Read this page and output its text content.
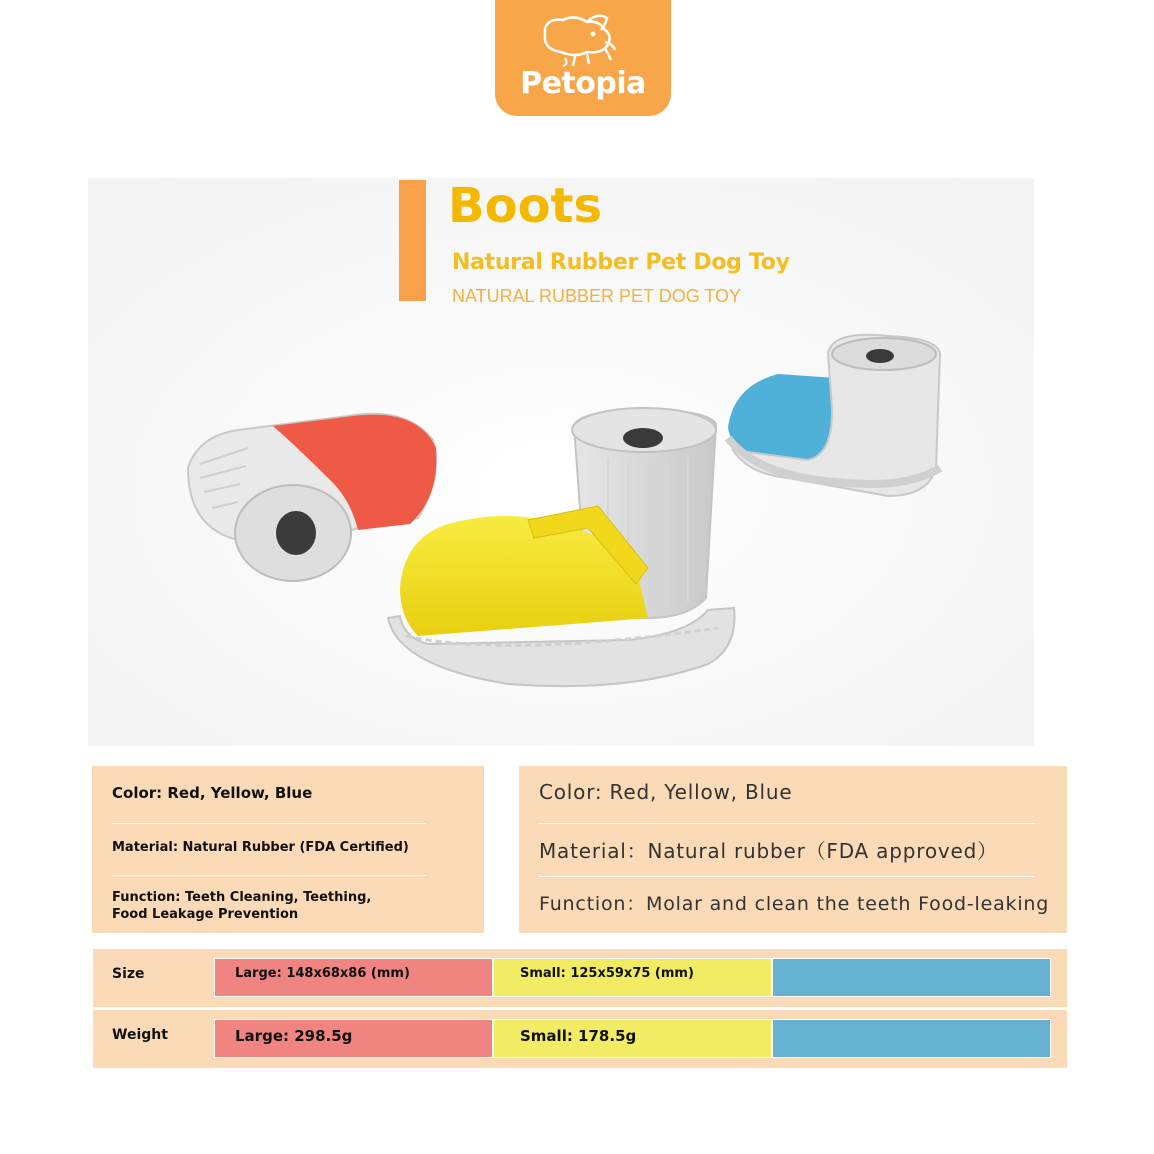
Petopia
Boots
Natural Rubber Pet Dog Toy
NATURAL RUBBER PET DOG TOY
Color: Red, Yellow, Blue
Material: Natural Rubber (FDA Certified)
Function: Teeth Cleaning, Teething,
Food Leakage Prevention
Color: Red, Yellow, Blue
Material：Natural rubber（FDA approved）
Function：Molar and clean the teeth Food-leaking
Size	Large: 148x68x86 (mm)	Small: 125x59x75 (mm)
Weight	Large: 298.5g	Small: 178.5g
